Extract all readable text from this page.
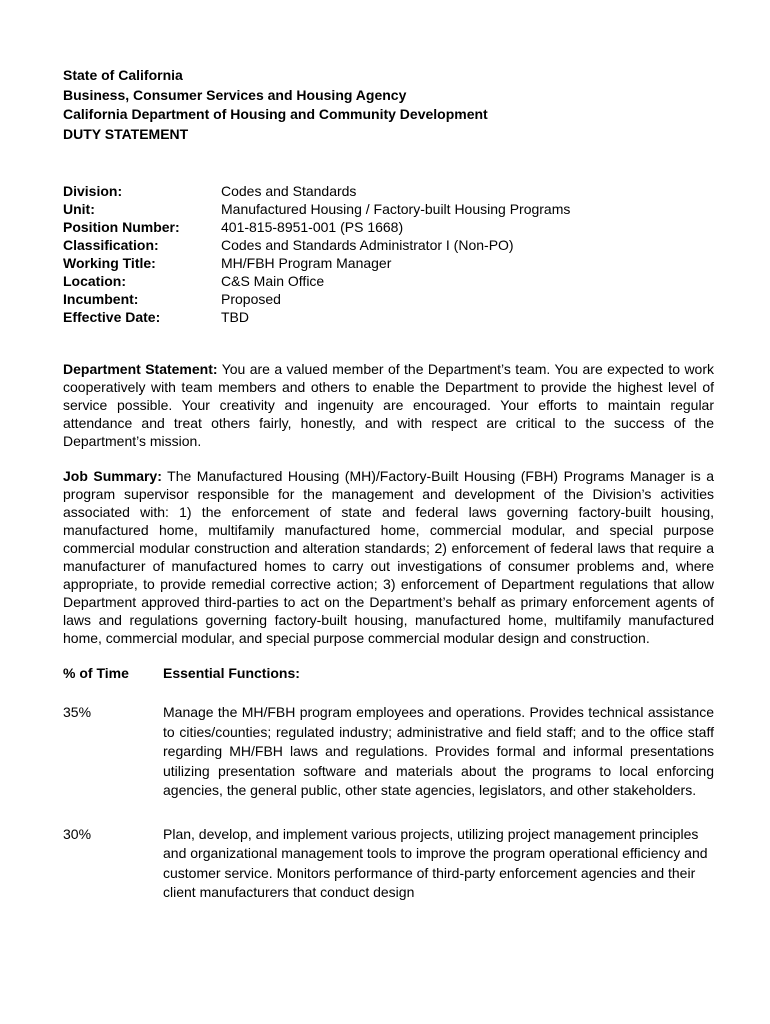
State of California

Business, Consumer Services and Housing Agency

California Department of Housing and Community Development

DUTY STATEMENT

Division:	Codes and Standards
Unit:	Manufactured Housing / Factory-built Housing Programs
Position Number:	401-815-8951-001 (PS 1668)
Classification:	Codes and Standards Administrator I (Non-PO)
Working Title:	MH/FBH Program Manager
Location:	C&S Main Office
Incumbent:	Proposed
Effective Date:	TBD

Department Statement: You are a valued member of the Department’s team. You are expected to work cooperatively with team members and others to enable the Department to provide the highest level of service possible. Your creativity and ingenuity are encouraged. Your efforts to maintain regular attendance and treat others fairly, honestly, and with respect are critical to the success of the Department’s mission.

Job Summary: The Manufactured Housing (MH)/Factory-Built Housing (FBH) Programs Manager is a program supervisor responsible for the management and development of the Division’s activities associated with: 1) the enforcement of state and federal laws governing factory-built housing, manufactured home, multifamily manufactured home, commercial modular, and special purpose commercial modular construction and alteration standards; 2) enforcement of federal laws that require a manufacturer of manufactured homes to carry out investigations of consumer problems and, where appropriate, to provide remedial corrective action; 3) enforcement of Department regulations that allow Department approved third-parties to act on the Department’s behalf as primary enforcement agents of laws and regulations governing factory-built housing, manufactured home, multifamily manufactured home, commercial modular, and special purpose commercial modular design and construction.

% of Time	Essential Functions:
35%	Manage the MH/FBH program employees and operations. Provides technical assistance to cities/counties; regulated industry; administrative and field staff; and to the office staff regarding MH/FBH laws and regulations. Provides formal and informal presentations utilizing presentation software and materials about the programs to local enforcing agencies, the general public, other state agencies, legislators, and other stakeholders.
30%	Plan, develop, and implement various projects, utilizing project management principles and organizational management tools to improve the program operational efficiency and customer service. Monitors performance of third-party enforcement agencies and their client manufacturers that conduct design
